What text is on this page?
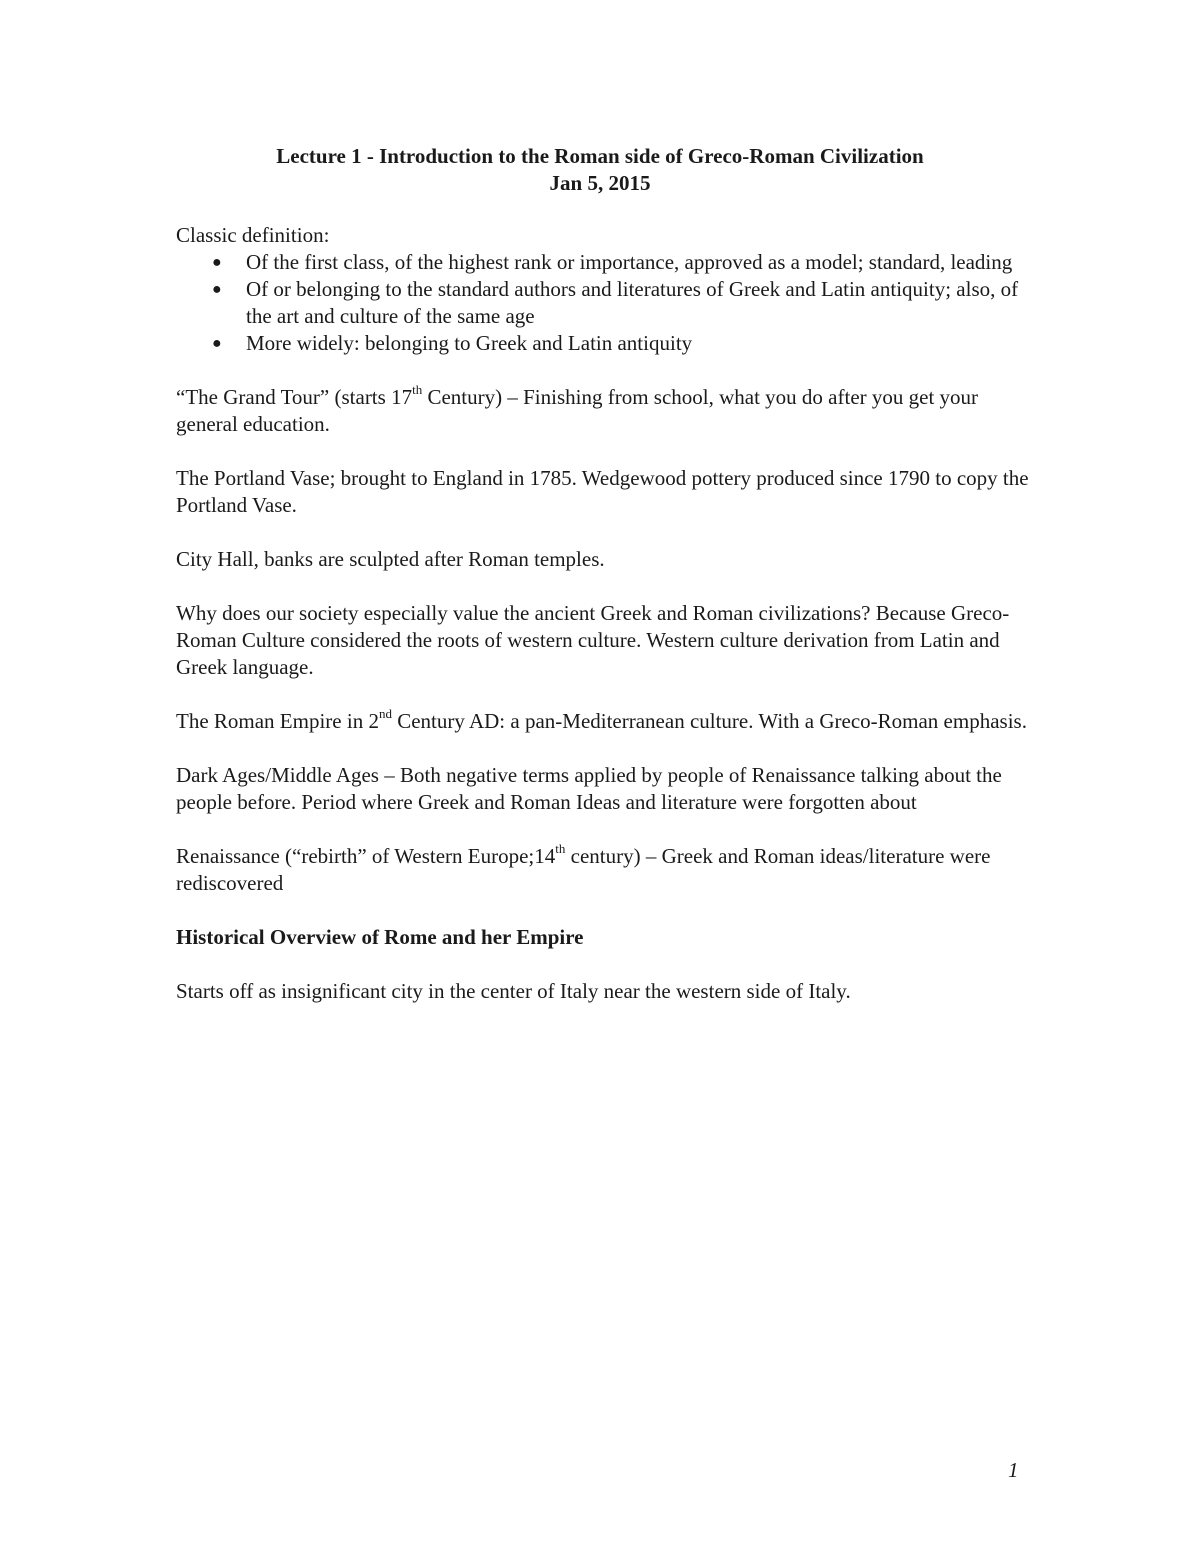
Lecture 1 - Introduction to the Roman side of Greco-Roman Civilization
Jan 5, 2015

Classic definition:

● Of the first class, of the highest rank or importance, approved as a model; standard, leading
● Of or belonging to the standard authors and literatures of Greek and Latin antiquity; also, of the art and culture of the same age
● More widely: belonging to Greek and Latin antiquity

“The Grand Tour” (starts 17th Century) – Finishing from school, what you do after you get your general education.

The Portland Vase; brought to England in 1785. Wedgewood pottery produced since 1790 to copy the Portland Vase.

City Hall, banks are sculpted after Roman temples.

Why does our society especially value the ancient Greek and Roman civilizations? Because Greco-Roman Culture considered the roots of western culture. Western culture derivation from Latin and Greek language.

The Roman Empire in 2nd Century AD: a pan-Mediterranean culture. With a Greco-Roman emphasis.

Dark Ages/Middle Ages – Both negative terms applied by people of Renaissance talking about the people before. Period where Greek and Roman Ideas and literature were forgotten about

Renaissance (“rebirth” of Western Europe;14th century) – Greek and Roman ideas/literature were rediscovered

Historical Overview of Rome and her Empire

Starts off as insignificant city in the center of Italy near the western side of Italy.

1
